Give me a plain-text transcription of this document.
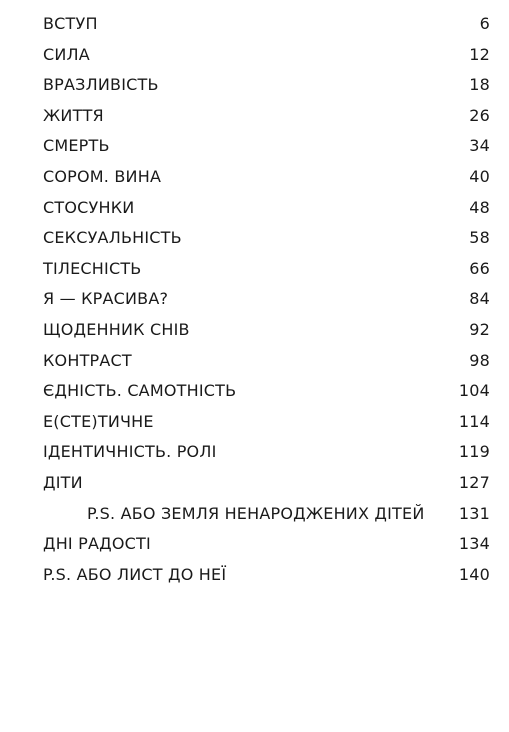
ВСТУП	6
СИЛА	12
ВРАЗЛИВІСТЬ	18
ЖИТТЯ	26
СМЕРТЬ	34
СОРОМ. ВИНА	40
СТОСУНКИ	48
СЕКСУАЛЬНІСТЬ	58
ТІЛЕСНІСТЬ	66
Я — КРАСИВА?	84
ЩОДЕННИК СНІВ	92
КОНТРАСТ	98
ЄДНІСТЬ. САМОТНІСТЬ	104
Е(СТЕ)ТИЧНЕ	114
ІДЕНТИЧНІСТЬ. РОЛІ	119
ДІТИ	127
P.S. АБО ЗЕМЛЯ НЕНАРОДЖЕНИХ ДІТЕЙ 131
ДНІ РАДОСТІ	134
P.S. АБО ЛИСТ ДО НЕЇ	140
